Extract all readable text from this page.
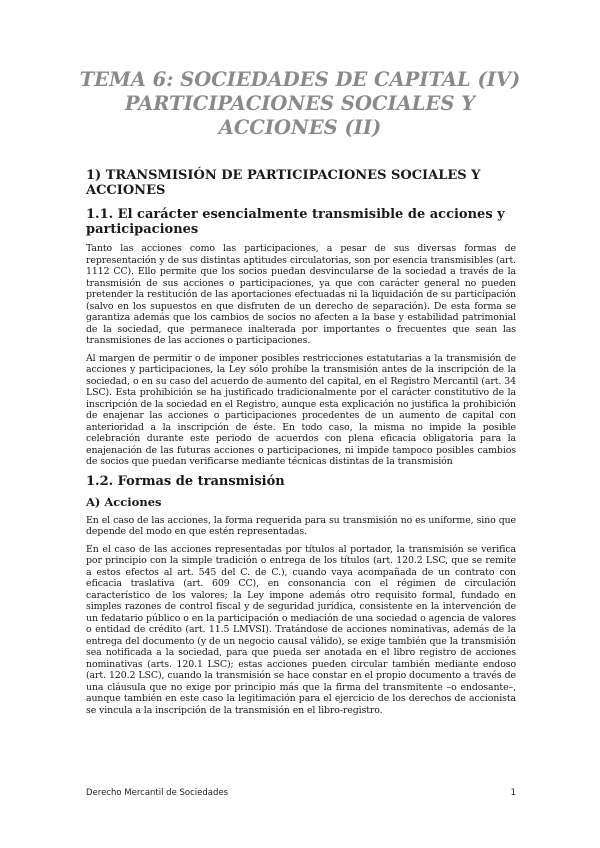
TEMA 6: SOCIEDADES DE CAPITAL (IV)
PARTICIPACIONES SOCIALES Y
ACCIONES (II)
1) TRANSMISIÓN DE PARTICIPACIONES SOCIALES Y ACCIONES
1.1. El carácter esencialmente transmisible de acciones y participaciones

Tanto las acciones como las participaciones, a pesar de sus diversas formas de representación y de sus distintas aptitudes circulatorias, son por esencia transmisibles (art. 1112 CC). Ello permite que los socios puedan desvincularse de la sociedad a través de la transmisión de sus acciones o participaciones, ya que con carácter general no pueden pretender la restitución de las aportaciones efectuadas ni la liquidación de su participación (salvo en los supuestos en que disfruten de un derecho de separación). De esta forma se garantiza además que los cambios de socios no afecten a la base y estabilidad patrimonial de la sociedad, que permanece inalterada por importantes o frecuentes que sean las transmisiones de las acciones o participaciones.

Al margen de permitir o de imponer posibles restricciones estatutarias a la transmisión de acciones y participaciones, la Ley sólo prohíbe la transmisión antes de la inscripción de la sociedad, o en su caso del acuerdo de aumento del capital, en el Registro Mercantil (art. 34 LSC). Esta prohibición se ha justificado tradicionalmente por el carácter constitutivo de la inscripción de la sociedad en el Registro, aunque esta explicación no justifica la prohibición de enajenar las acciones o participaciones procedentes de un aumento de capital con anterioridad a la inscripción de éste. En todo caso, la misma no impide la posible celebración durante este periodo de acuerdos con plena eficacia obligatoria para la enajenación de las futuras acciones o participaciones, ni impide tampoco posibles cambios de socios que puedan verificarse mediante técnicas distintas de la transmisión

1.2. Formas de transmisión
A) Acciones

En el caso de las acciones, la forma requerida para su transmisión no es uniforme, sino que depende del modo en que estén representadas.

En el caso de las acciones representadas por títulos al portador, la transmisión se verifica por principio con la simple tradición o entrega de los títulos (art. 120.2 LSC, que se remite a estos efectos al art. 545 del C. de C.), cuando vaya acompañada de un contrato con eficacia traslativa (art. 609 CC), en consonancia con el régimen de circulación característico de los valores; la Ley impone además otro requisito formal, fundado en simples razones de control fiscal y de seguridad jurídica, consistente en la intervención de un fedatario público o en la participación o mediación de una sociedad o agencia de valores o entidad de crédito (art. 11.5 LMVSI). Tratándose de acciones nominativas, además de la entrega del documento (y de un negocio causal válido), se exige también que la transmisión sea notificada a la sociedad, para que pueda ser anotada en el libro registro de acciones nominativas (arts. 120.1 LSC); estas acciones pueden circular también mediante endoso (art. 120.2 LSC), cuando la transmisión se hace constar en el propio documento a través de una cláusula que no exige por principio más que la firma del transmitente –o endosante–, aunque también en este caso la legitimación para el ejercicio de los derechos de accionista se vincula a la inscripción de la transmisión en el libro-registro.

Derecho Mercantil de Sociedades	1
